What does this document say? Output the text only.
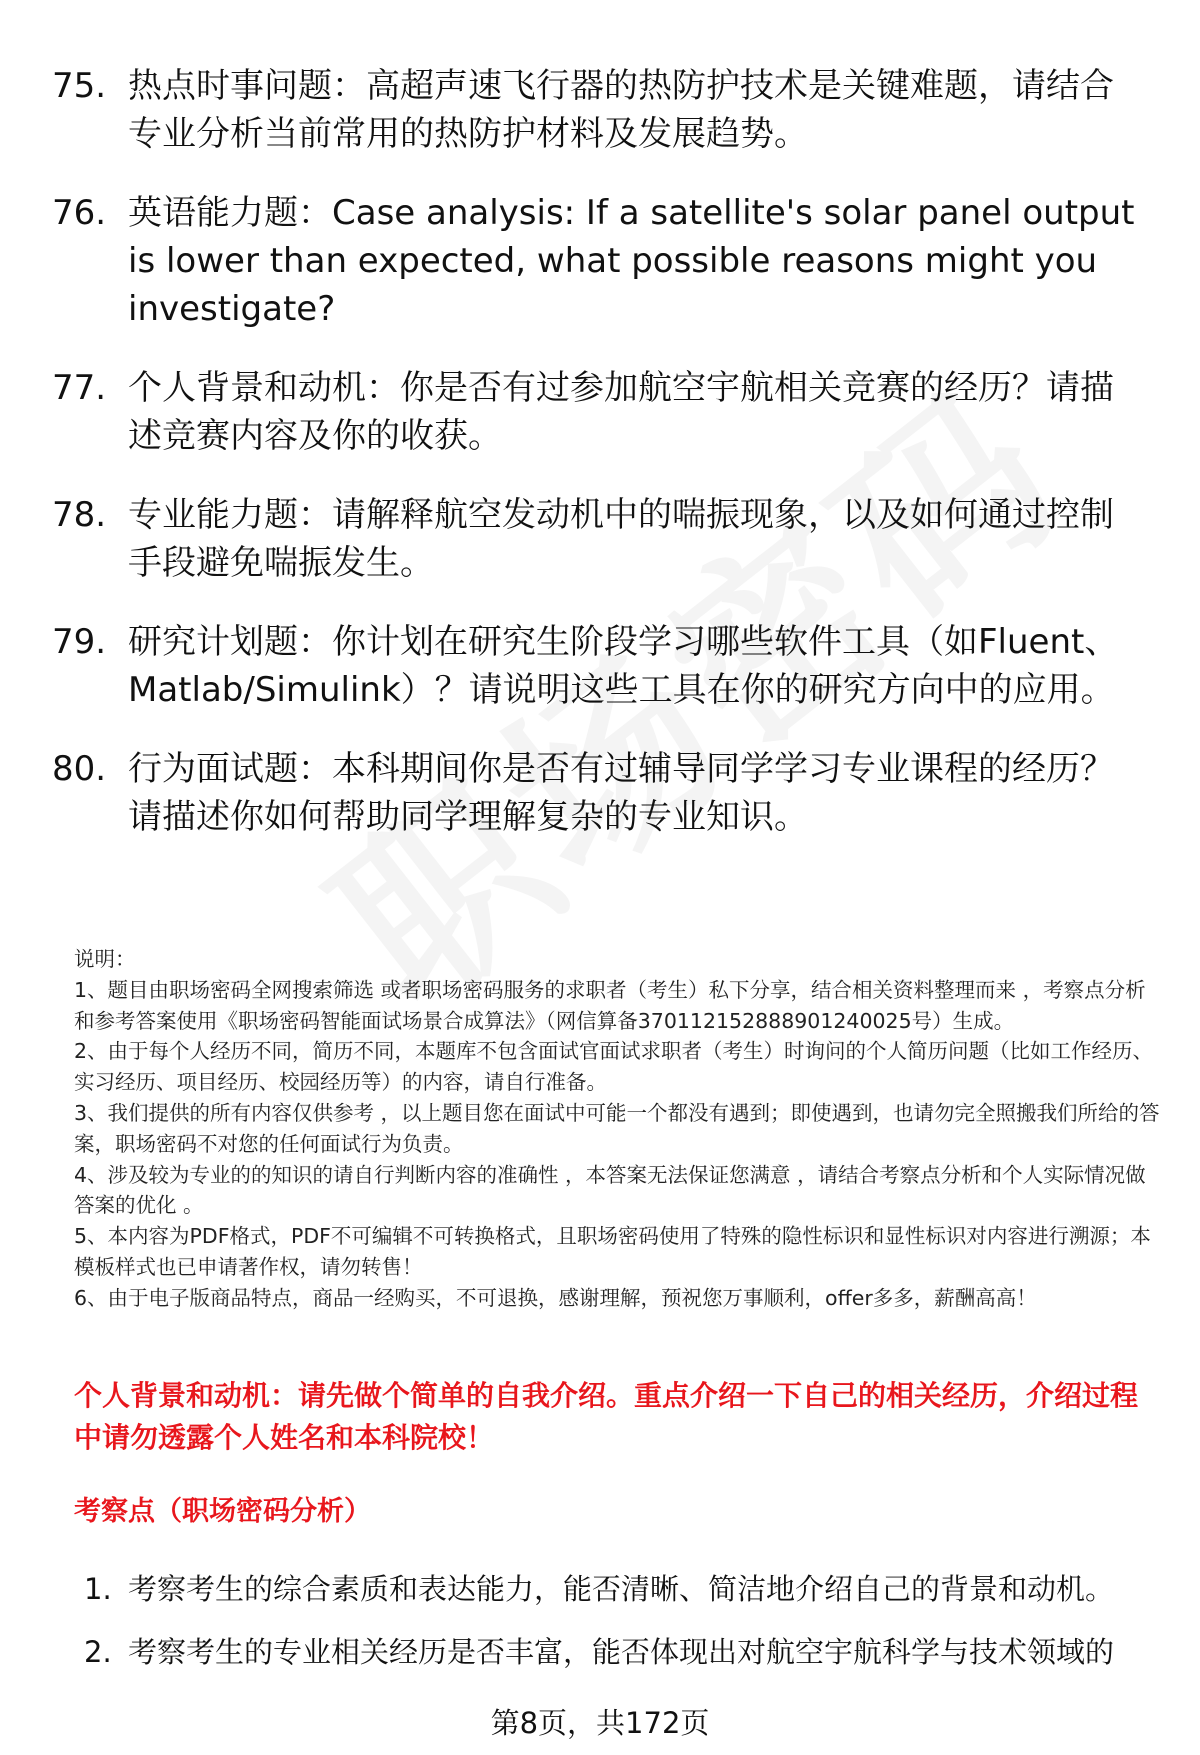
75. 热点时事问题：高超声速飞行器的热防护技术是关键难题，请结合专业分析当前常用的热防护材料及发展趋势。
76. 英语能力题：Case analysis: If a satellite's solar panel output is lower than expected, what possible reasons might you investigate?
77. 个人背景和动机：你是否有过参加航空宇航相关竞赛的经历？请描述竞赛内容及你的收获。
78. 专业能力题：请解释航空发动机中的喘振现象，以及如何通过控制手段避免喘振发生。
79. 研究计划题：你计划在研究生阶段学习哪些软件工具（如Fluent、Matlab/Simulink）？请说明这些工具在你的研究方向中的应用。
80. 行为面试题：本科期间你是否有过辅导同学学习专业课程的经历？请描述你如何帮助同学理解复杂的专业知识。

说明：

1、题目由职场密码全网搜索筛选 或者职场密码服务的求职者（考生）私下分享，结合相关资料整理而来 ，考察点分析和参考答案使用《职场密码智能面试场景合成算法》（网信算备370112152888901240025号）生成。

2、由于每个人经历不同，简历不同，本题库不包含面试官面试求职者（考生）时询问的个人简历问题（比如工作经历、实习经历、项目经历、校园经历等）的内容，请自行准备。

3、我们提供的所有内容仅供参考 ，以上题目您在面试中可能一个都没有遇到；即使遇到，也请勿完全照搬我们所给的答案，职场密码不对您的任何面试行为负责。

4、涉及较为专业的的知识的请自行判断内容的准确性 ，本答案无法保证您满意 ，请结合考察点分析和个人实际情况做答案的优化 。

5、本内容为PDF格式，PDF不可编辑不可转换格式，且职场密码使用了特殊的隐性标识和显性标识对内容进行溯源；本模板样式也已申请著作权，请勿转售！

6、由于电子版商品特点，商品一经购买，不可退换，感谢理解，预祝您万事顺利，offer多多，薪酬高高！

个人背景和动机：请先做个简单的自我介绍。重点介绍一下自己的相关经历，介绍过程中请勿透露个人姓名和本科院校！
考察点（职场密码分析）
1. 考察考生的综合素质和表达能力，能否清晰、简洁地介绍自己的背景和动机。
2. 考察考生的专业相关经历是否丰富，能否体现出对航空宇航科学与技术领域的
第8页，共172页
